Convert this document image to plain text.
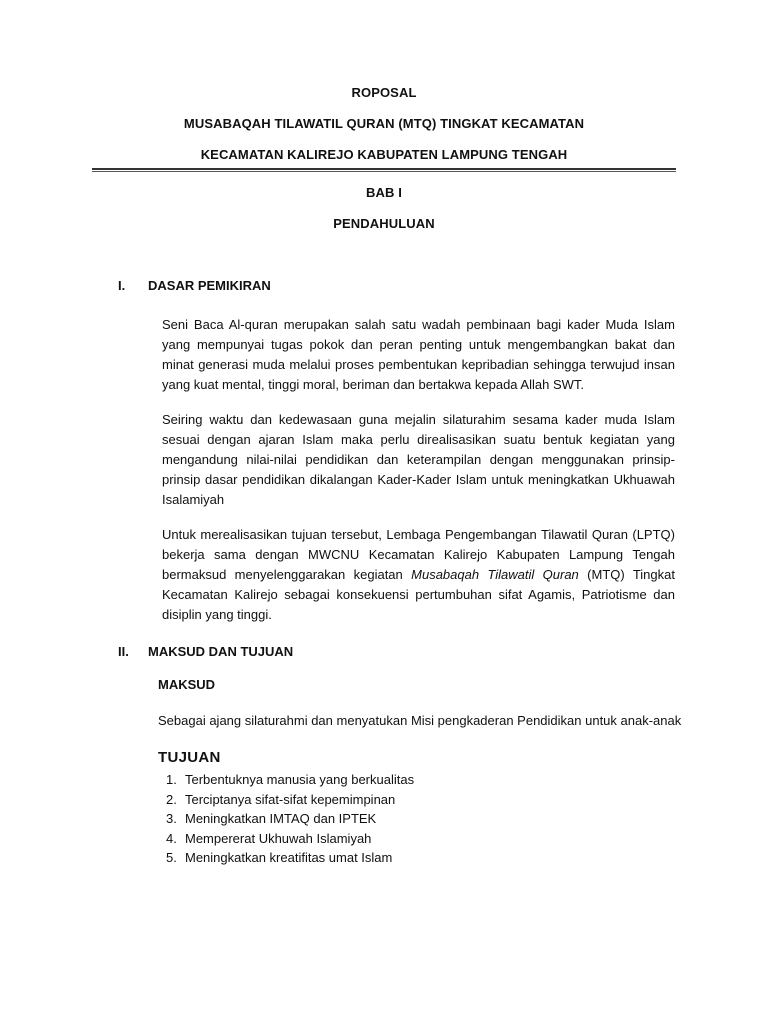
ROPOSAL
MUSABAQAH TILAWATIL QURAN (MTQ) TINGKAT KECAMATAN
KECAMATAN KALIREJO KABUPATEN LAMPUNG TENGAH
BAB I
PENDAHULUAN
I. DASAR PEMIKIRAN

Seni Baca Al-quran merupakan salah satu wadah pembinaan bagi kader Muda Islam yang mempunyai tugas pokok dan peran penting untuk mengembangkan bakat dan minat generasi muda melalui proses pembentukan kepribadian sehingga terwujud insan yang kuat mental, tinggi moral, beriman dan bertakwa kepada Allah SWT.

Seiring waktu dan kedewasaan guna mejalin silaturahim sesama kader muda Islam sesuai dengan ajaran Islam maka perlu direalisasikan suatu bentuk kegiatan yang mengandung nilai-nilai pendidikan dan keterampilan dengan menggunakan prinsip-prinsip dasar pendidikan dikalangan Kader-Kader Islam untuk meningkatkan Ukhuawah Isalamiyah

Untuk merealisasikan tujuan tersebut, Lembaga Pengembangan Tilawatil Quran (LPTQ) bekerja sama dengan MWCNU Kecamatan Kalirejo Kabupaten Lampung Tengah bermaksud menyelenggarakan kegiatan Musabaqah Tilawatil Quran (MTQ) Tingkat Kecamatan Kalirejo sebagai konsekuensi pertumbuhan sifat Agamis, Patriotisme dan disiplin yang tinggi.

II. MAKSUD DAN TUJUAN
MAKSUD
Sebagai ajang silaturahmi dan menyatukan Misi pengkaderan Pendidikan untuk anak-anak
TUJUAN
1. Terbentuknya manusia yang berkualitas
2. Terciptanya sifat-sifat kepemimpinan
3. Meningkatkan IMTAQ dan IPTEK
4. Mempererat Ukhuwah Islamiyah
5. Meningkatkan kreatifitas umat Islam
